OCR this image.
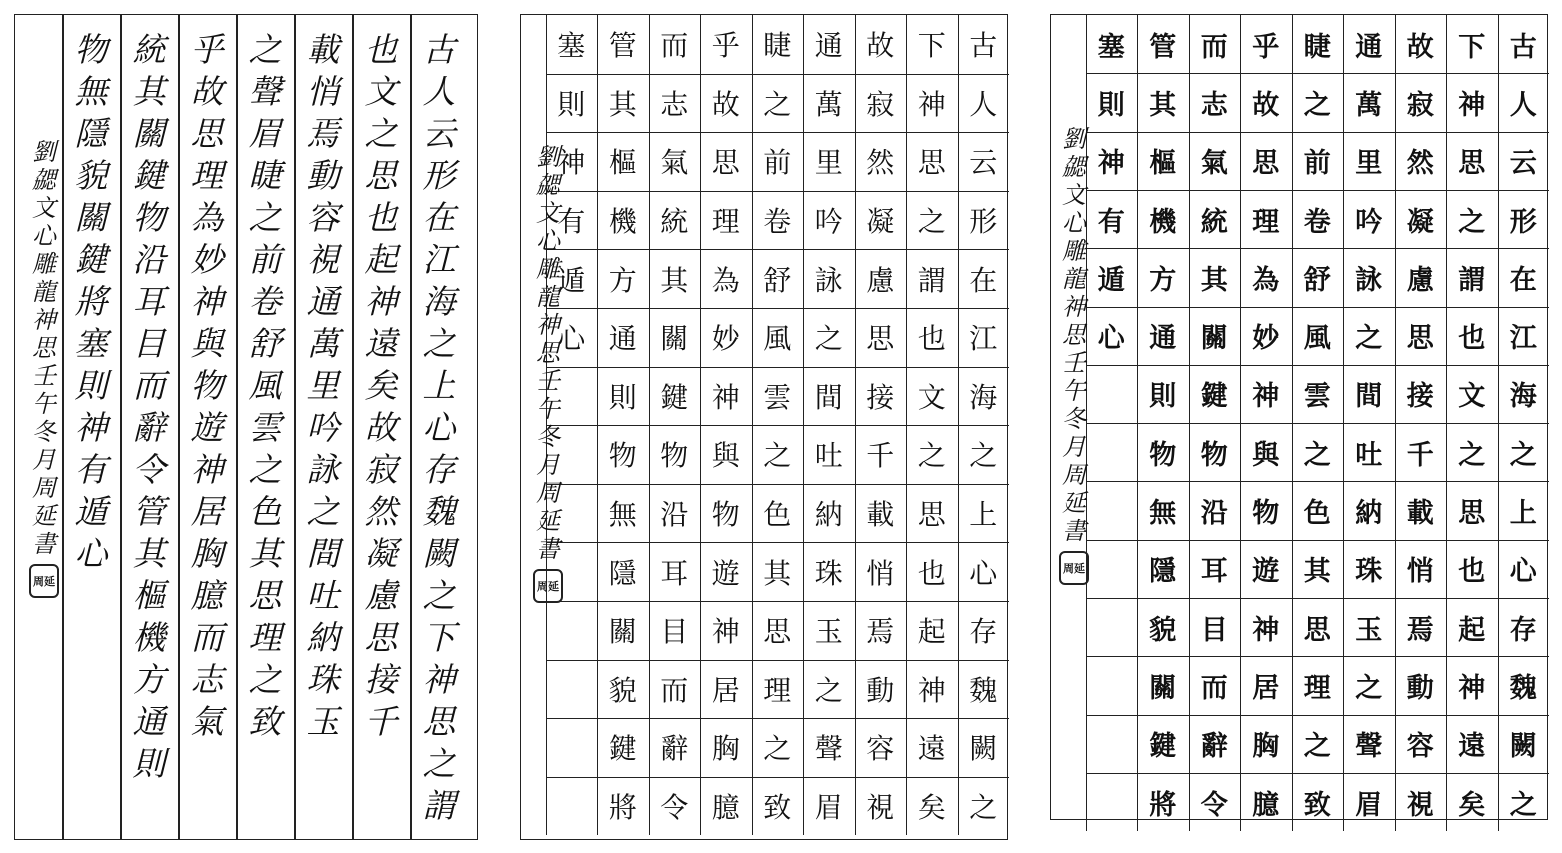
古
人
云
形
在
江
海
之
上
心
存
魏
闕
之
下
神
思
之
謂
也
文
之
思
也
起
神
遠
矣
故
寂
然
凝
慮
思
接
千
載
悄
焉
動
容
視
通
萬
里
吟
詠
之
間
吐
納
珠
玉
之
聲
眉
睫
之
前
卷
舒
風
雲
之
色
其
思
理
之
致
乎
故
思
理
為
妙
神
與
物
遊
神
居
胸
臆
而
志
氣
統
其
關
鍵
物
沿
耳
目
而
辭
令
管
其
樞
機
方
通
則
物
無
隱
貌
關
鍵
將
塞
則
神
有
遁
心
劉
勰
文
心
雕
龍
神
思
壬
午
冬
月
周
延
書
周延
古
人
云
形
在
江
海
之
上
心
存
魏
闕
之
下
神
思
之
謂
也
文
之
思
也
起
神
遠
矣
故
寂
然
凝
慮
思
接
千
載
悄
焉
動
容
視
通
萬
里
吟
詠
之
間
吐
納
珠
玉
之
聲
眉
睫
之
前
卷
舒
風
雲
之
色
其
思
理
之
致
乎
故
思
理
為
妙
神
與
物
遊
神
居
胸
臆
而
志
氣
統
其
關
鍵
物
沿
耳
目
而
辭
令
管
其
樞
機
方
通
則
物
無
隱
關
貌
鍵
將
塞
則
神
有
遁
心
劉
勰
文
心
雕
龍
神
思
壬
午
冬
月
周
延
書
周延
古
人
云
形
在
江
海
之
上
心
存
魏
闕
之
下
神
思
之
謂
也
文
之
思
也
起
神
遠
矣
故
寂
然
凝
慮
思
接
千
載
悄
焉
動
容
視
通
萬
里
吟
詠
之
間
吐
納
珠
玉
之
聲
眉
睫
之
前
卷
舒
風
雲
之
色
其
思
理
之
致
乎
故
思
理
為
妙
神
與
物
遊
神
居
胸
臆
而
志
氣
統
其
關
鍵
物
沿
耳
目
而
辭
令
管
其
樞
機
方
通
則
物
無
隱
貌
關
鍵
將
塞
則
神
有
遁
心
劉
勰
文
心
雕
龍
神
思
壬
午
冬
月
周
延
書
周延
